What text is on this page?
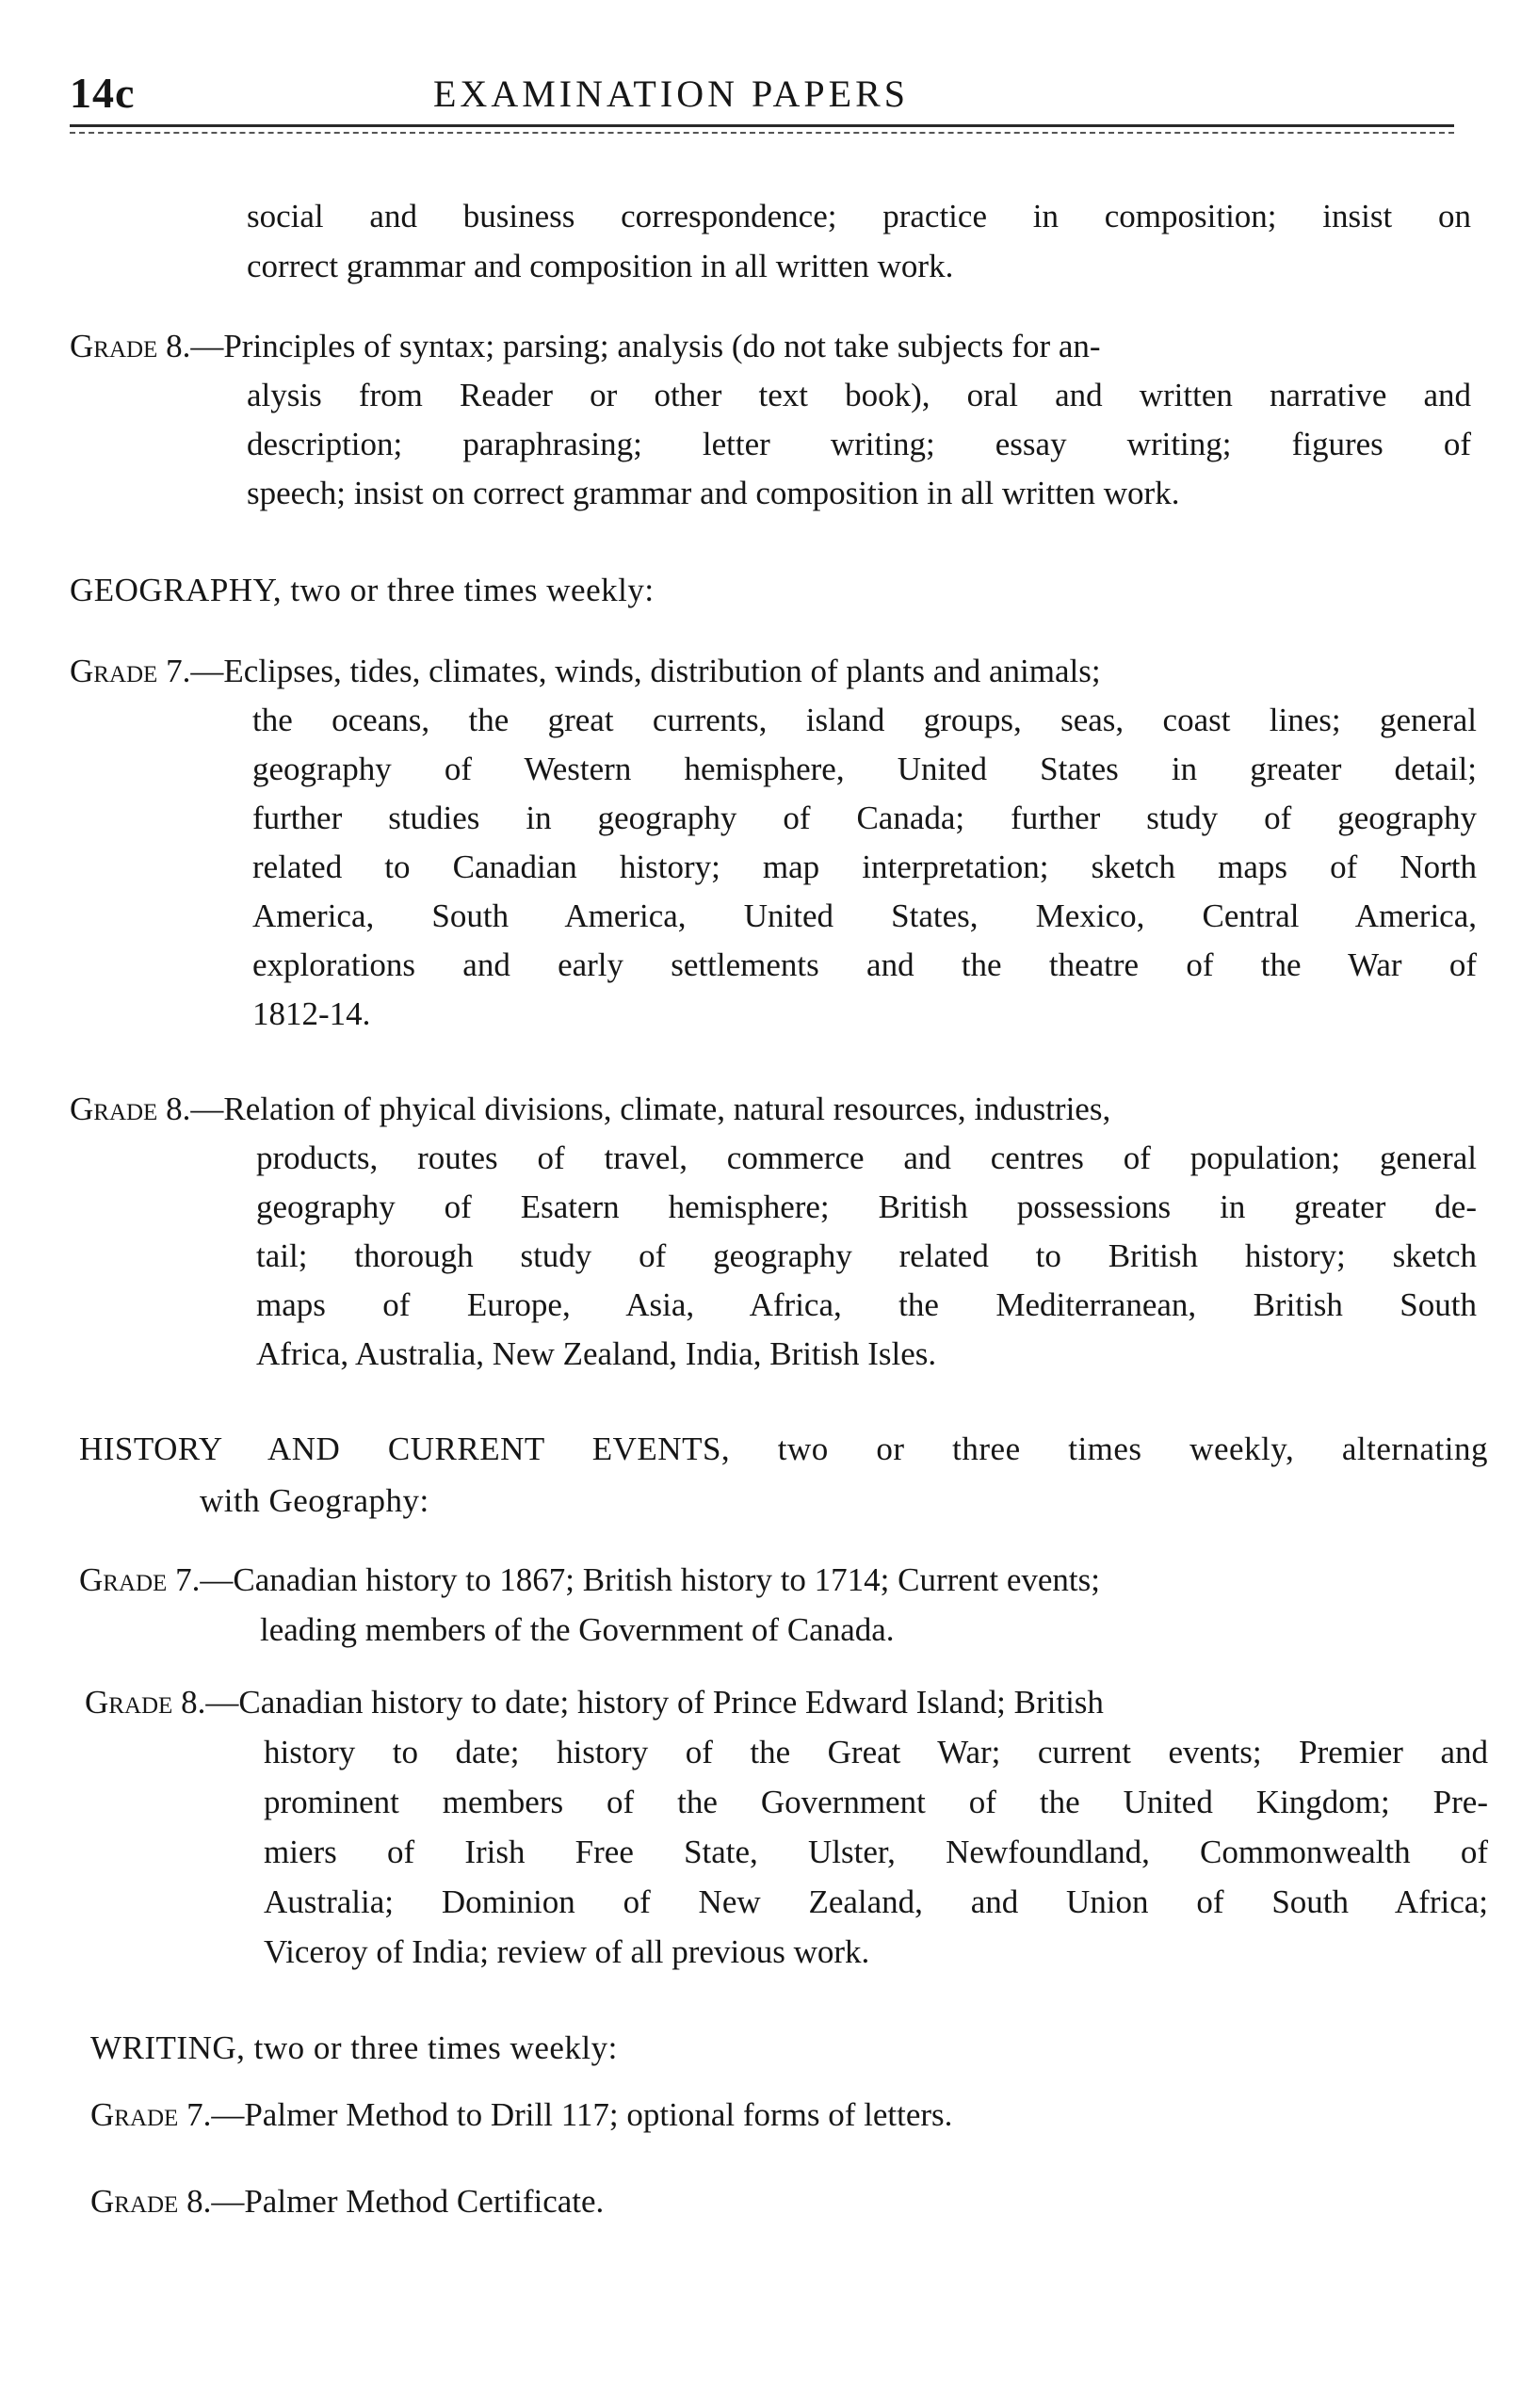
14c	EXAMINATION PAPERS
social and business correspondence; practice in composition; insist on
correct grammar and composition in all written work.
Grade 8.—Principles of syntax; parsing; analysis (do not take subjects for an-
alysis from Reader or other text book), oral and written narrative and
description; paraphrasing; letter writing; essay writing; figures of
speech; insist on correct grammar and composition in all written work.
GEOGRAPHY, two or three times weekly:
Grade 7.—Eclipses, tides, climates, winds, distribution of plants and animals;
the oceans, the great currents, island groups, seas, coast lines; general
geography of Western hemisphere, United States in greater detail;
further studies in geography of Canada; further study of geography
related to Canadian history; map interpretation; sketch maps of North
America, South America, United States, Mexico, Central America,
explorations and early settlements and the theatre of the War of
1812-14.
Grade 8.—Relation of phyical divisions, climate, natural resources, industries,
products, routes of travel, commerce and centres of population; general
geography of Esatern hemisphere; British possessions in greater de-
tail; thorough study of geography related to British history; sketch
maps of Europe, Asia, Africa, the Mediterranean, British South
Africa, Australia, New Zealand, India, British Isles.
HISTORY AND CURRENT EVENTS, two or three times weekly, alternating
with Geography:
Grade 7.—Canadian history to 1867; British history to 1714; Current events;
leading members of the Government of Canada.
Grade 8.—Canadian history to date; history of Prince Edward Island; British
history to date; history of the Great War; current events; Premier and
prominent members of the Government of the United Kingdom; Pre-
miers of Irish Free State, Ulster, Newfoundland, Commonwealth of
Australia; Dominion of New Zealand, and Union of South Africa;
Viceroy of India; review of all previous work.
WRITING, two or three times weekly:
Grade 7.—Palmer Method to Drill 117; optional forms of letters.
Grade 8.—Palmer Method Certificate.
